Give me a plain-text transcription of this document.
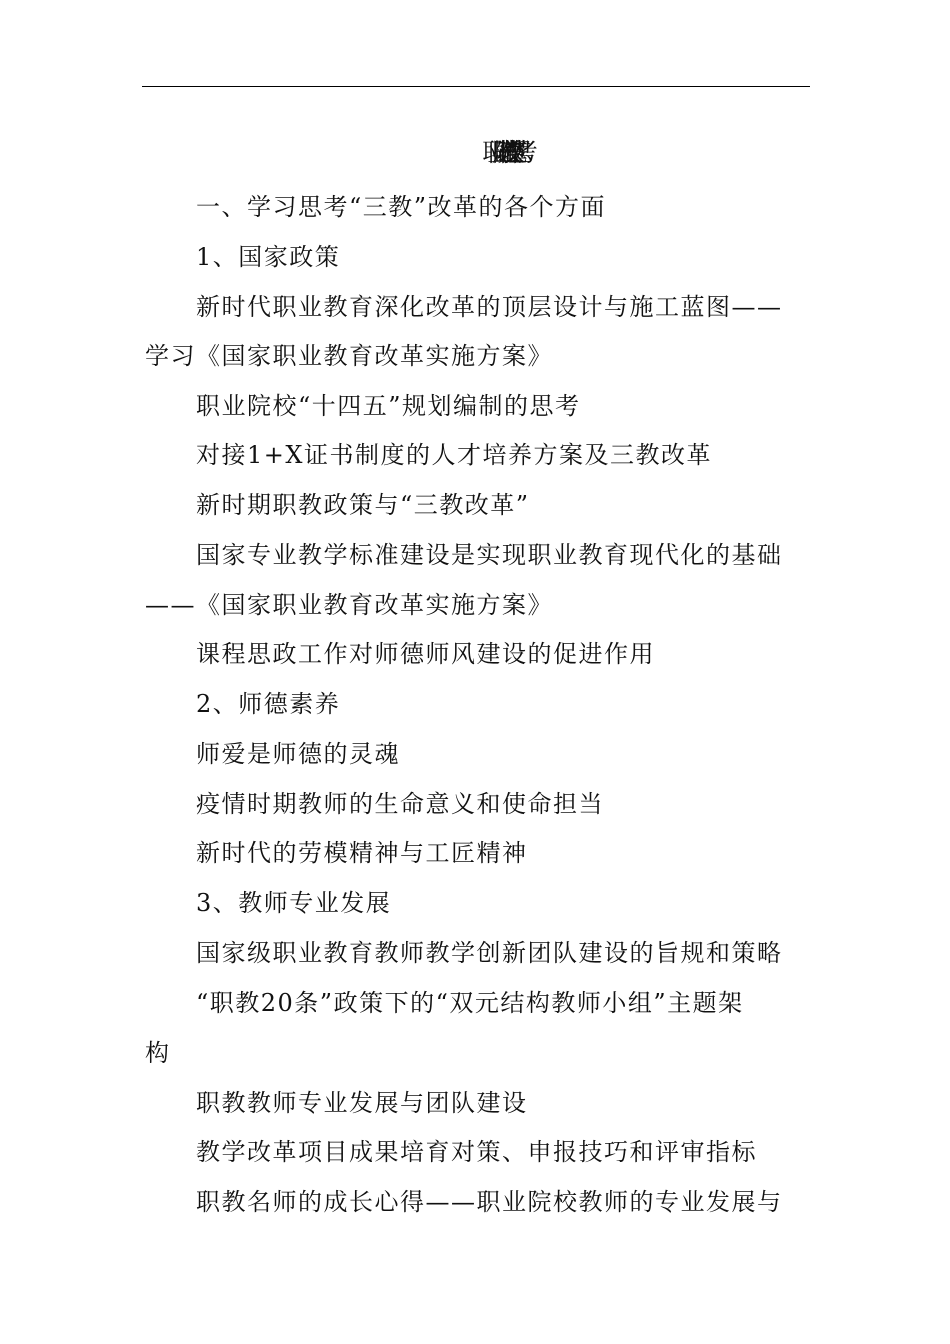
职业院校“三教”改革思考
一、学习思考“三教”改革的各个方面
1、国家政策
新时代职业教育深化改革的顶层设计与施工蓝图——
学习《国家职业教育改革实施方案》
职业院校“十四五”规划编制的思考
对接1+X证书制度的人才培养方案及三教改革
新时期职教政策与“三教改革”
国家专业教学标准建设是实现职业教育现代化的基础
——《国家职业教育改革实施方案》
课程思政工作对师德师风建设的促进作用
2、师德素养
师爱是师德的灵魂
疫情时期教师的生命意义和使命担当
新时代的劳模精神与工匠精神
3、教师专业发展
国家级职业教育教师教学创新团队建设的旨规和策略
“职教20条”政策下的“双元结构教师小组”主题架
构
职教教师专业发展与团队建设
教学改革项目成果培育对策、申报技巧和评审指标
职教名师的成长心得——职业院校教师的专业发展与
